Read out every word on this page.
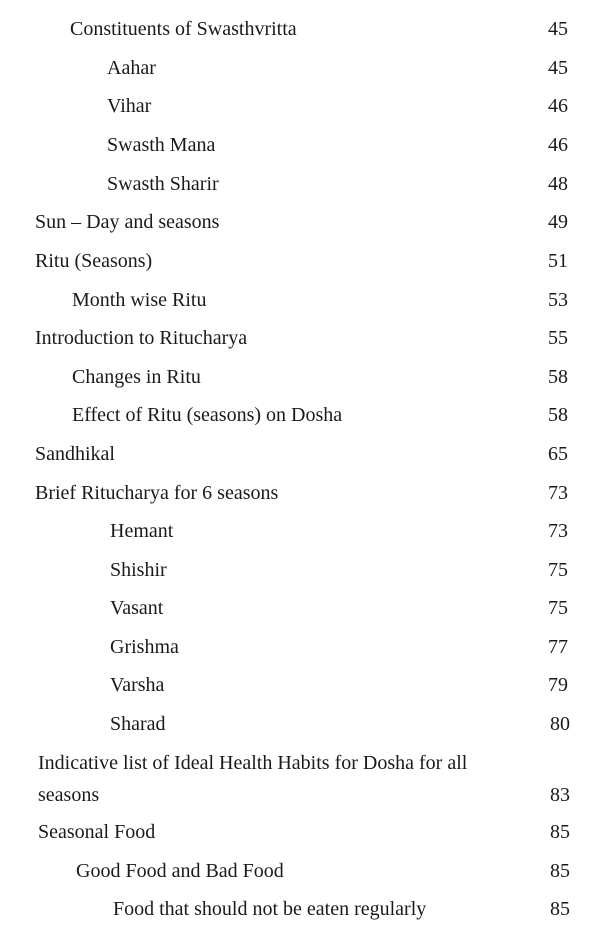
Constituents of Swasthvritta	45
Aahar	45
Vihar	46
Swasth Mana	46
Swasth Sharir	48
Sun – Day and seasons	49
Ritu (Seasons)	51
Month wise Ritu	53
Introduction to Ritucharya	55
Changes in Ritu	58
Effect of Ritu (seasons) on Dosha	58
Sandhikal	65
Brief Ritucharya for 6 seasons	73
Hemant	73
Shishir	75
Vasant	75
Grishma	77
Varsha	79
Sharad	80
Indicative list of Ideal Health Habits for Dosha for all
seasons	83
Seasonal Food	85
Good Food and Bad Food	85
Food that should not be eaten regularly	85
